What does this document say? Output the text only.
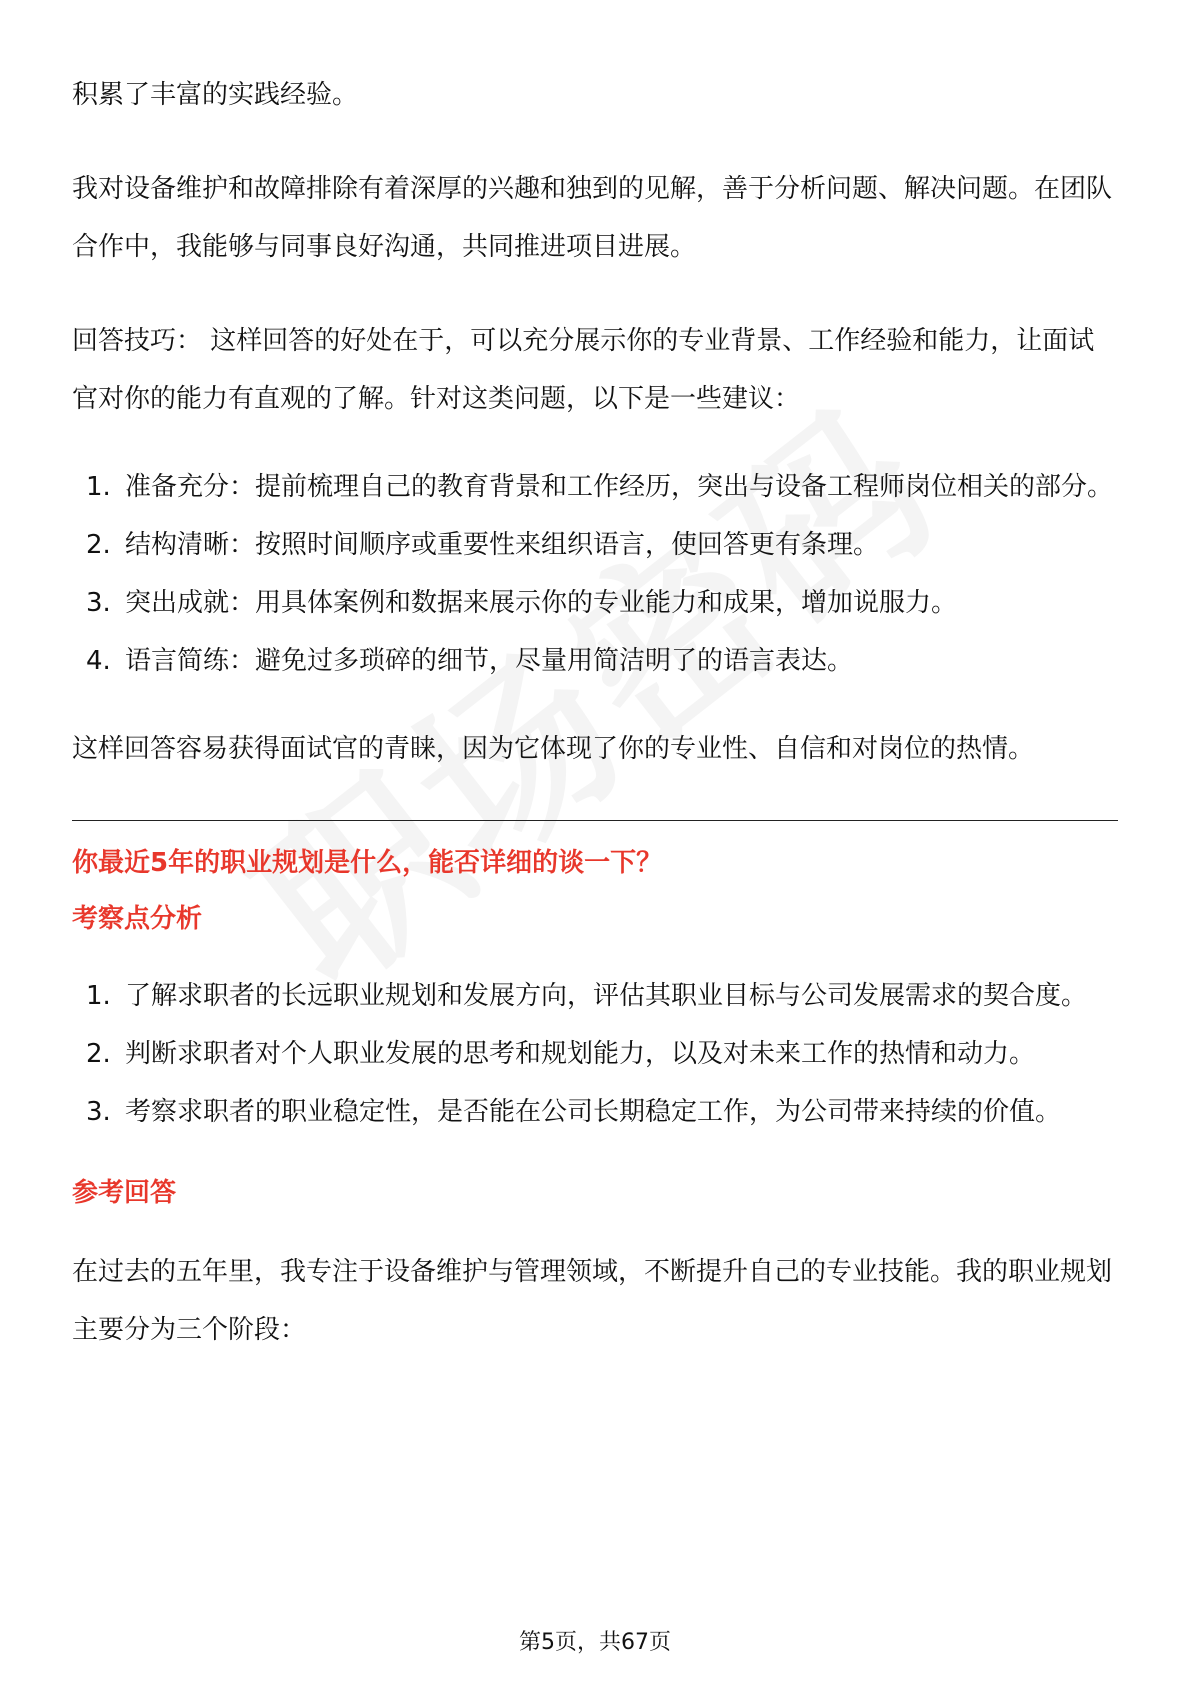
积累了丰富的实践经验。

我对设备维护和故障排除有着深厚的兴趣和独到的见解，善于分析问题、解决问题。在团队合作中，我能够与同事良好沟通，共同推进项目进展。

回答技巧： 这样回答的好处在于，可以充分展示你的专业背景、工作经验和能力，让面试官对你的能力有直观的了解。针对这类问题，以下是一些建议：

1. 准备充分：提前梳理自己的教育背景和工作经历，突出与设备工程师岗位相关的部分。
2. 结构清晰：按照时间顺序或重要性来组织语言，使回答更有条理。
3. 突出成就：用具体案例和数据来展示你的专业能力和成果，增加说服力。
4. 语言简练：避免过多琐碎的细节，尽量用简洁明了的语言表达。

这样回答容易获得面试官的青睐，因为它体现了你的专业性、自信和对岗位的热情。

你最近5年的职业规划是什么，能否详细的谈一下？

考察点分析

1. 了解求职者的长远职业规划和发展方向，评估其职业目标与公司发展需求的契合度。
2. 判断求职者对个人职业发展的思考和规划能力，以及对未来工作的热情和动力。
3. 考察求职者的职业稳定性，是否能在公司长期稳定工作，为公司带来持续的价值。

参考回答

在过去的五年里，我专注于设备维护与管理领域，不断提升自己的专业技能。我的职业规划主要分为三个阶段：

第5页，共67页
